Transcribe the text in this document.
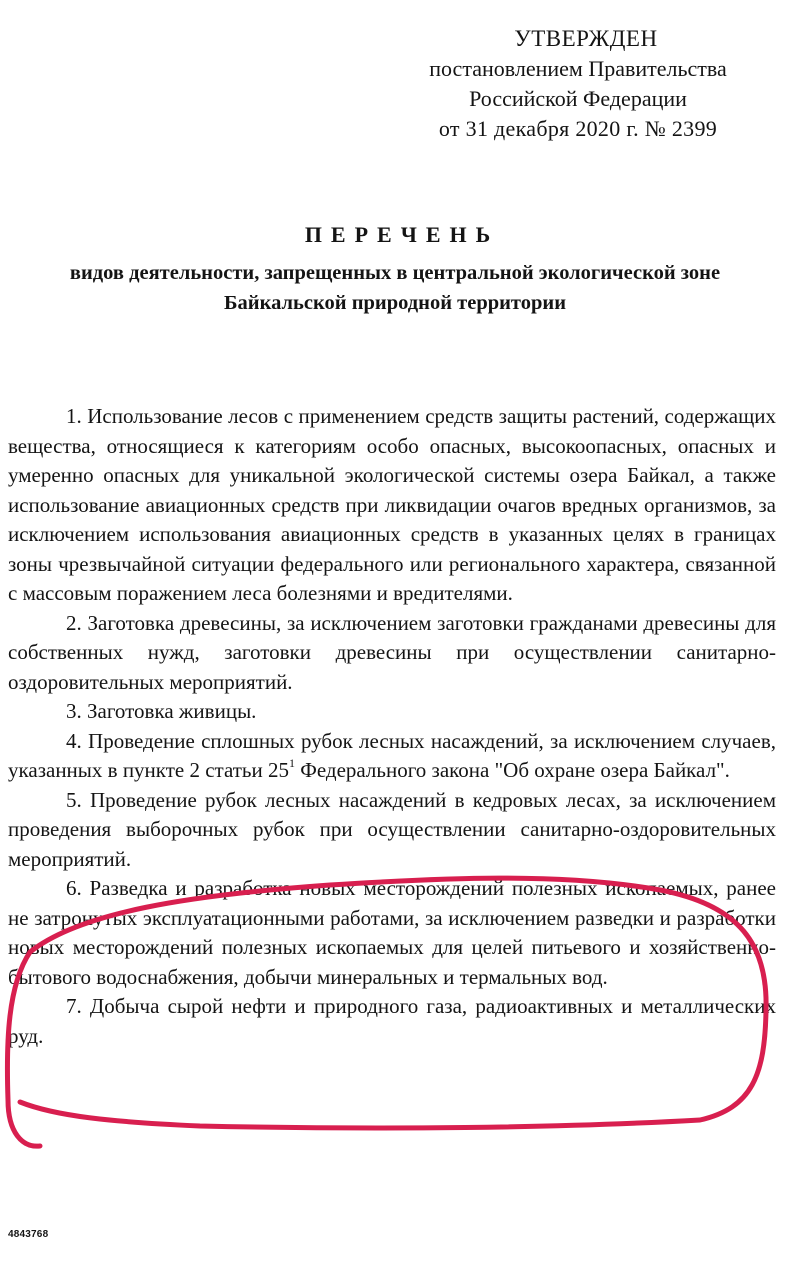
УТВЕРЖДЕН
постановлением Правительства
Российской Федерации
от 31 декабря 2020 г. № 2399
ПЕРЕЧЕНЬ
видов деятельности, запрещенных в центральной экологической зоне Байкальской природной территории

1. Использование лесов с применением средств защиты растений, содержащих вещества, относящиеся к категориям особо опасных, высокоопасных, опасных и умеренно опасных для уникальной экологической системы озера Байкал, а также использование авиационных средств при ликвидации очагов вредных организмов, за исключением использования авиационных средств в указанных целях в границах зоны чрезвычайной ситуации федерального или регионального характера, связанной с массовым поражением леса болезнями и вредителями.

2. Заготовка древесины, за исключением заготовки гражданами древесины для собственных нужд, заготовки древесины при осуществлении санитарно-оздоровительных мероприятий.

3. Заготовка живицы.

4. Проведение сплошных рубок лесных насаждений, за исключением случаев, указанных в пункте 2 статьи $25^1$ Федерального закона "Об охране озера Байкал".

5. Проведение рубок лесных насаждений в кедровых лесах, за исключением проведения выборочных рубок при осуществлении санитарно-оздоровительных мероприятий.

6. Разведка и разработка новых месторождений полезных ископаемых, ранее не затронутых эксплуатационными работами, за исключением разведки и разработки новых месторождений полезных ископаемых для целей питьевого и хозяйственно-бытового водоснабжения, добычи минеральных и термальных вод.

7. Добыча сырой нефти и природного газа, радиоактивных и металлических руд.

4843768
